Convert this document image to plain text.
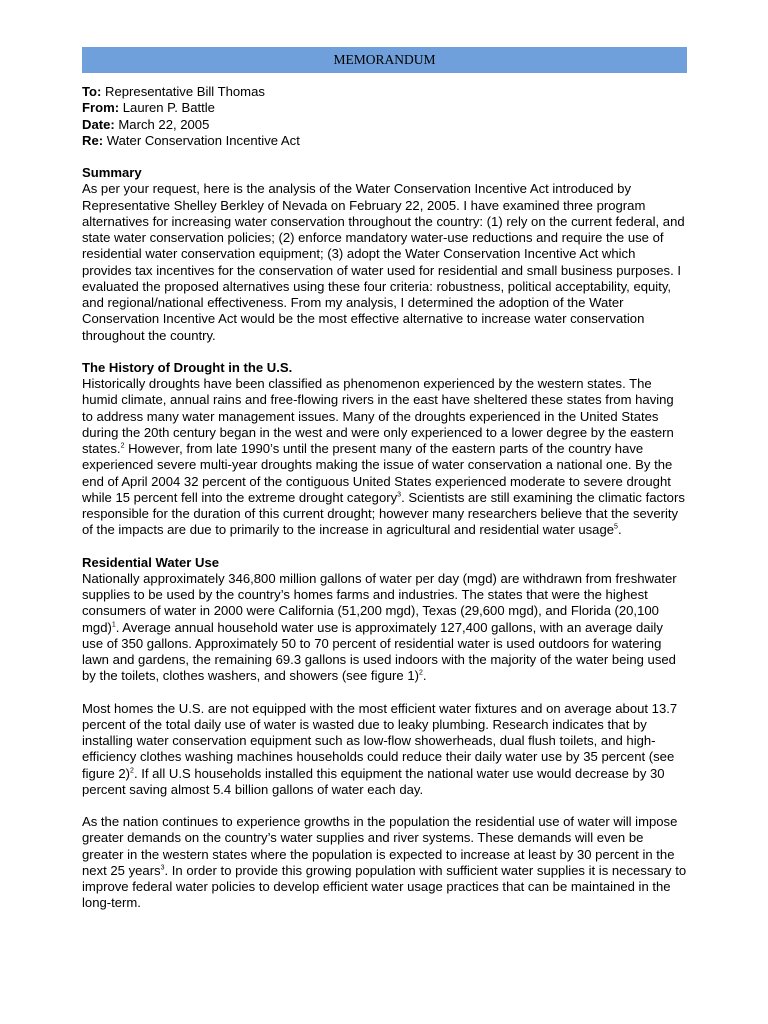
MEMORANDUM
To: Representative Bill Thomas
From: Lauren P. Battle
Date: March 22, 2005
Re: Water Conservation Incentive Act
Summary

As per your request, here is the analysis of the Water Conservation Incentive Act introduced by Representative Shelley Berkley of Nevada on February 22, 2005. I have examined three program alternatives for increasing water conservation throughout the country: (1) rely on the current federal, and state water conservation policies; (2) enforce mandatory water-use reductions and require the use of residential water conservation equipment; (3) adopt the Water Conservation Incentive Act which provides tax incentives for the conservation of water used for residential and small business purposes. I evaluated the proposed alternatives using these four criteria: robustness, political acceptability, equity, and regional/national effectiveness. From my analysis, I determined the adoption of the Water Conservation Incentive Act would be the most effective alternative to increase water conservation throughout the country.

The History of Drought in the U.S.

Historically droughts have been classified as phenomenon experienced by the western states. The humid climate, annual rains and free-flowing rivers in the east have sheltered these states from having to address many water management issues. Many of the droughts experienced in the United States during the 20th century began in the west and were only experienced to a lower degree by the eastern states.$^2$ However, from late 1990’s until the present many of the eastern parts of the country have experienced severe multi-year droughts making the issue of water conservation a national one. By the end of April 2004 32 percent of the contiguous United States experienced moderate to severe drought while 15 percent fell into the extreme drought category$^3$. Scientists are still examining the climatic factors responsible for the duration of this current drought; however many researchers believe that the severity of the impacts are due to primarily to the increase in agricultural and residential water usage$^5$.

Residential Water Use

Nationally approximately 346,800 million gallons of water per day (mgd) are withdrawn from freshwater supplies to be used by the country’s homes farms and industries. The states that were the highest consumers of water in 2000 were California (51,200 mgd), Texas (29,600 mgd), and Florida (20,100 mgd)$^1$. Average annual household water use is approximately 127,400 gallons, with an average daily use of 350 gallons. Approximately 50 to 70 percent of residential water is used outdoors for watering lawn and gardens, the remaining 69.3 gallons is used indoors with the majority of the water being used by the toilets, clothes washers, and showers (see figure 1)$^2$.

Most homes the U.S. are not equipped with the most efficient water fixtures and on average about 13.7 percent of the total daily use of water is wasted due to leaky plumbing. Research indicates that by installing water conservation equipment such as low-flow showerheads, dual flush toilets, and high-efficiency clothes washing machines households could reduce their daily water use by 35 percent (see figure 2)$^2$. If all U.S households installed this equipment the national water use would decrease by 30 percent saving almost 5.4 billion gallons of water each day.

As the nation continues to experience growths in the population the residential use of water will impose greater demands on the country’s water supplies and river systems. These demands will even be greater in the western states where the population is expected to increase at least by 30 percent in the next 25 years$^3$. In order to provide this growing population with sufficient water supplies it is necessary to improve federal water policies to develop efficient water usage practices that can be maintained in the long-term.
